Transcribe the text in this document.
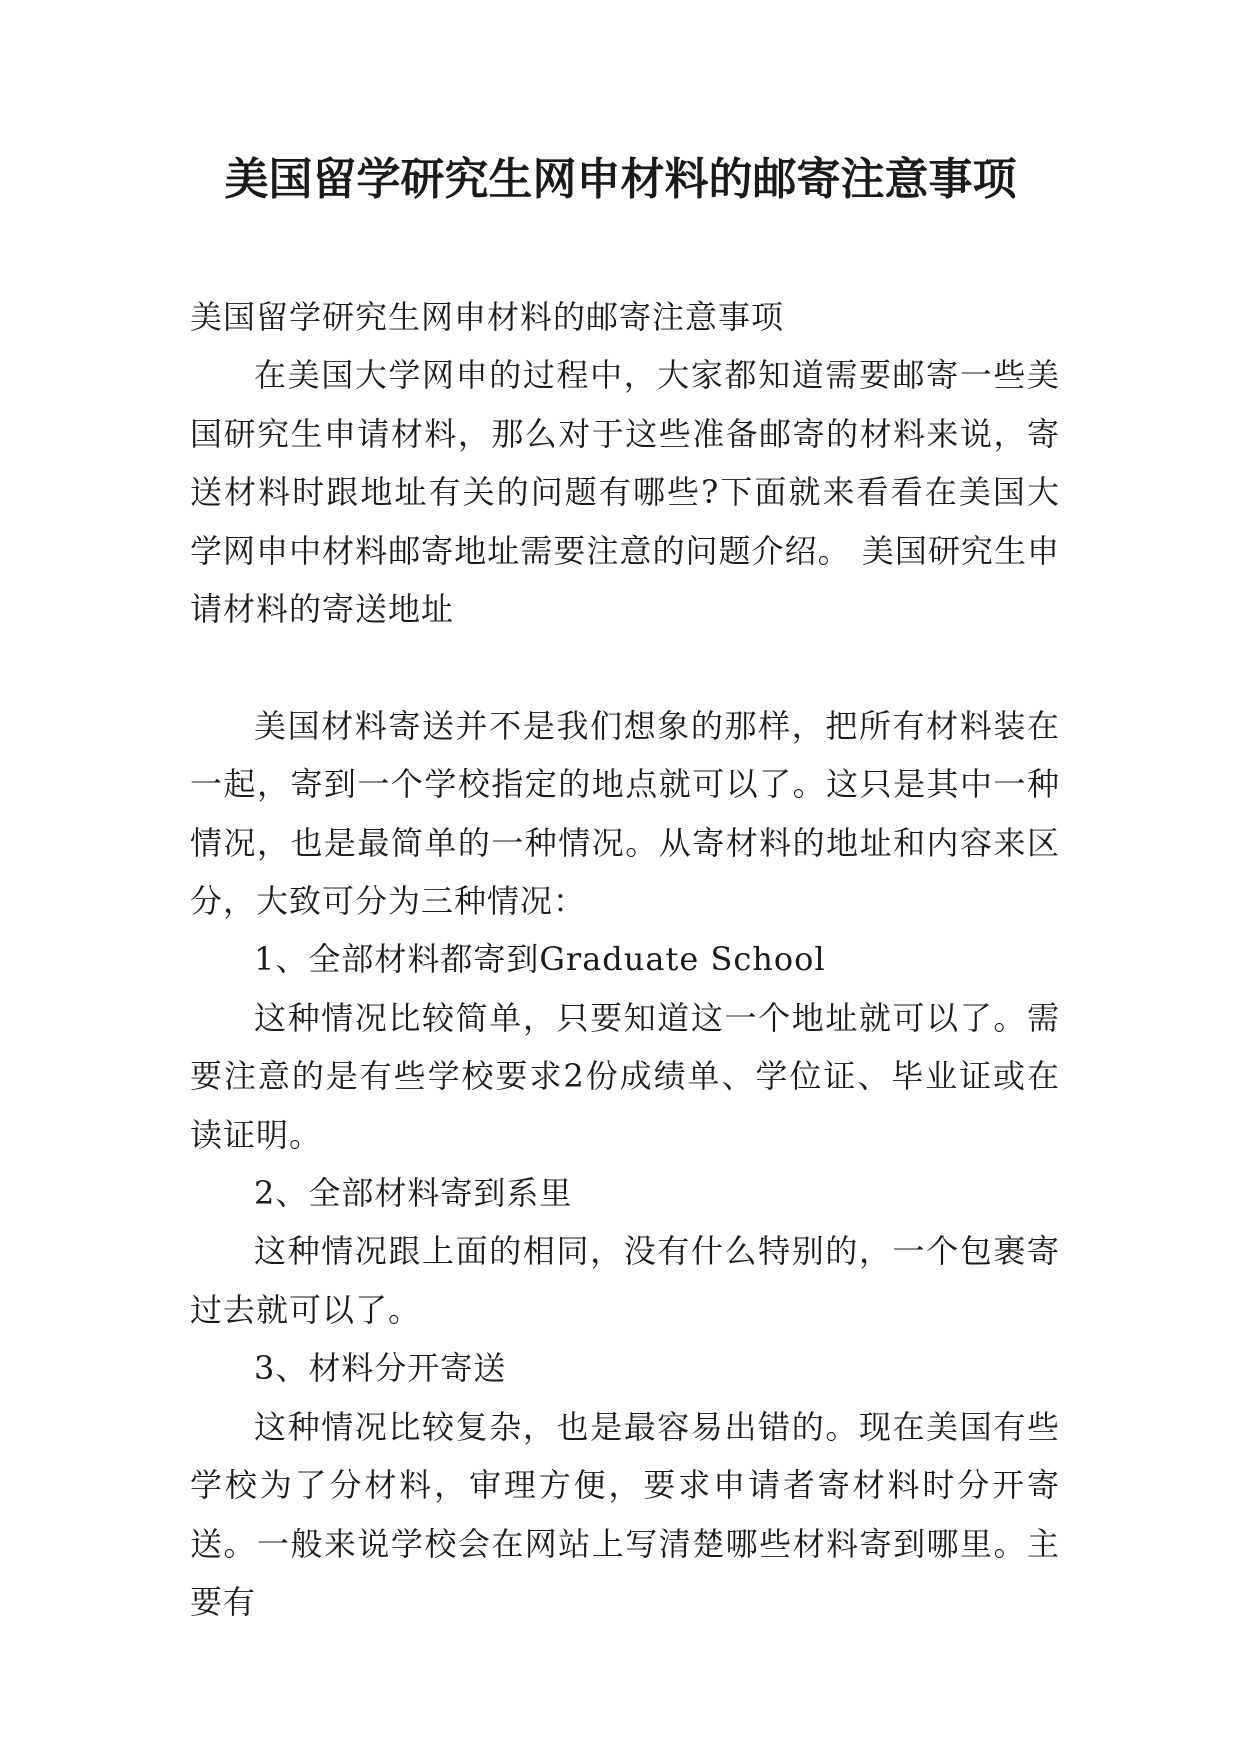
美国留学研究生网申材料的邮寄注意事项

美国留学研究生网申材料的邮寄注意事项

在美国大学网申的过程中，大家都知道需要邮寄一些美国研究生申请材料，那么对于这些准备邮寄的材料来说，寄送材料时跟地址有关的问题有哪些?下面就来看看在美国大学网申中材料邮寄地址需要注意的问题介绍。 美国研究生申请材料的寄送地址

美国材料寄送并不是我们想象的那样，把所有材料装在一起，寄到一个学校指定的地点就可以了。这只是其中一种情况，也是最简单的一种情况。从寄材料的地址和内容来区分，大致可分为三种情况：

1、全部材料都寄到Graduate School

这种情况比较简单，只要知道这一个地址就可以了。需要注意的是有些学校要求2份成绩单、学位证、毕业证或在读证明。

2、全部材料寄到系里

这种情况跟上面的相同，没有什么特别的，一个包裹寄过去就可以了。

3、材料分开寄送

这种情况比较复杂，也是最容易出错的。现在美国有些学校为了分材料，审理方便，要求申请者寄材料时分开寄送。一般来说学校会在网站上写清楚哪些材料寄到哪里。主要有
